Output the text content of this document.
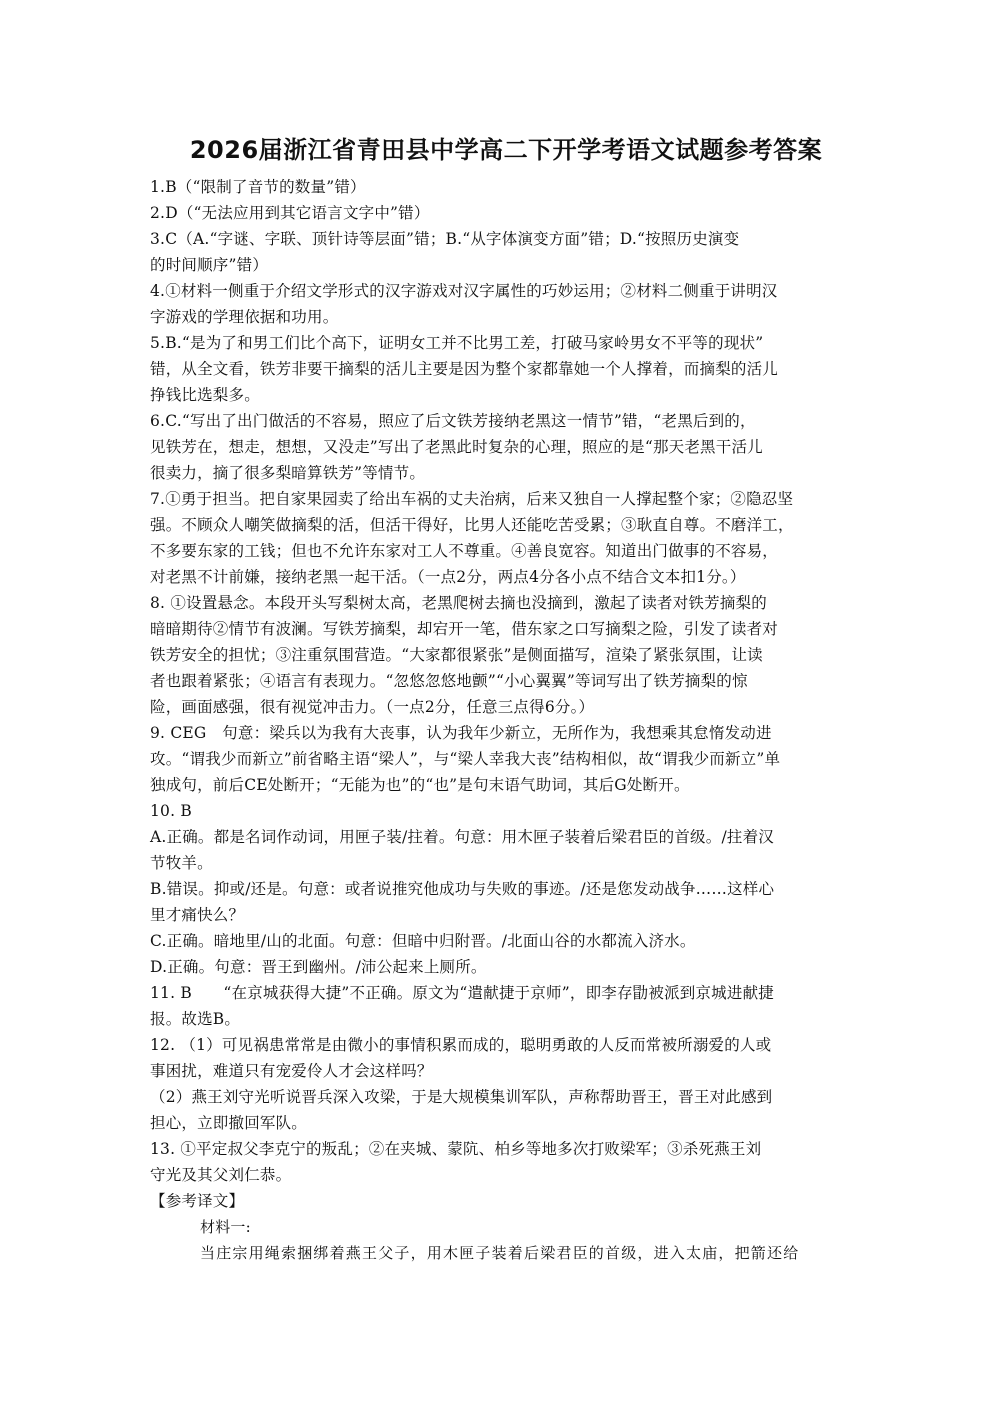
2026届浙江省青田县中学高二下开学考语文试题参考答案
1.B（“限制了音节的数量”错）
2.D（“无法应用到其它语言文字中”错）
3.C（A.“字谜、字联、顶针诗等层面”错；B.“从字体演变方面”错；D.“按照历史演变
的时间顺序”错）
4.①材料一侧重于介绍文学形式的汉字游戏对汉字属性的巧妙运用；②材料二侧重于讲明汉
字游戏的学理依据和功用。
5.B.“是为了和男工们比个高下，证明女工并不比男工差，打破马家岭男女不平等的现状”
错，从全文看，铁芳非要干摘梨的活儿主要是因为整个家都靠她一个人撑着，而摘梨的活儿
挣钱比选梨多。
6.C.“写出了出门做活的不容易，照应了后文铁芳接纳老黑这一情节”错，“老黑后到的，
见铁芳在，想走，想想，又没走”写出了老黑此时复杂的心理，照应的是“那天老黑干活儿
很卖力，摘了很多梨暗算铁芳”等情节。
7.①勇于担当。把自家果园卖了给出车祸的丈夫治病，后来又独自一人撑起整个家；②隐忍坚
强。不顾众人嘲笑做摘梨的活，但活干得好，比男人还能吃苦受累；③耿直自尊。不磨洋工，
不多要东家的工钱；但也不允许东家对工人不尊重。④善良宽容。知道出门做事的不容易，
对老黑不计前嫌，接纳老黑一起干活。（一点2分，两点4分各小点不结合文本扣1分。）
8. ①设置悬念。本段开头写梨树太高，老黑爬树去摘也没摘到，激起了读者对铁芳摘梨的
暗暗期待②情节有波澜。写铁芳摘梨，却宕开一笔，借东家之口写摘梨之险，引发了读者对
铁芳安全的担忧；③注重氛围营造。“大家都很紧张”是侧面描写，渲染了紧张氛围，让读
者也跟着紧张；④语言有表现力。“忽悠忽悠地颤”“小心翼翼”等词写出了铁芳摘梨的惊
险，画面感强，很有视觉冲击力。（一点2分，任意三点得6分。）
9. CEG　句意：梁兵以为我有大丧事，认为我年少新立，无所作为，我想乘其怠惰发动进
攻。“谓我少而新立”前省略主语“梁人”，与“梁人幸我大丧”结构相似，故“谓我少而新立”单
独成句，前后CE处断开；“无能为也”的“也”是句末语气助词，其后G处断开。
10. B
A.正确。都是名词作动词，用匣子装/拄着。句意：用木匣子装着后梁君臣的首级。/拄着汉
节牧羊。
B.错误。抑或/还是。句意：或者说推究他成功与失败的事迹。/还是您发动战争……这样心
里才痛快么？
C.正确。暗地里/山的北面。句意：但暗中归附晋。/北面山谷的水都流入济水。
D.正确。句意：晋王到幽州。/沛公起来上厕所。
11. B　　“在京城获得大捷”不正确。原文为“遣献捷于京师”，即李存勖被派到京城进献捷
报。故选B。
12. （1）可见祸患常常是由微小的事情积累而成的，聪明勇敢的人反而常被所溺爱的人或
事困扰，难道只有宠爱伶人才会这样吗？
（2）燕王刘守光听说晋兵深入攻梁，于是大规模集训军队，声称帮助晋王，晋王对此感到
担心，立即撤回军队。
13. ①平定叔父李克宁的叛乱；②在夹城、蒙阬、柏乡等地多次打败梁军；③杀死燕王刘
守光及其父刘仁恭。
【参考译文】
材料一:
当庄宗用绳索捆绑着燕王父子，用木匣子装着后梁君臣的首级，进入太庙，把箭还给
